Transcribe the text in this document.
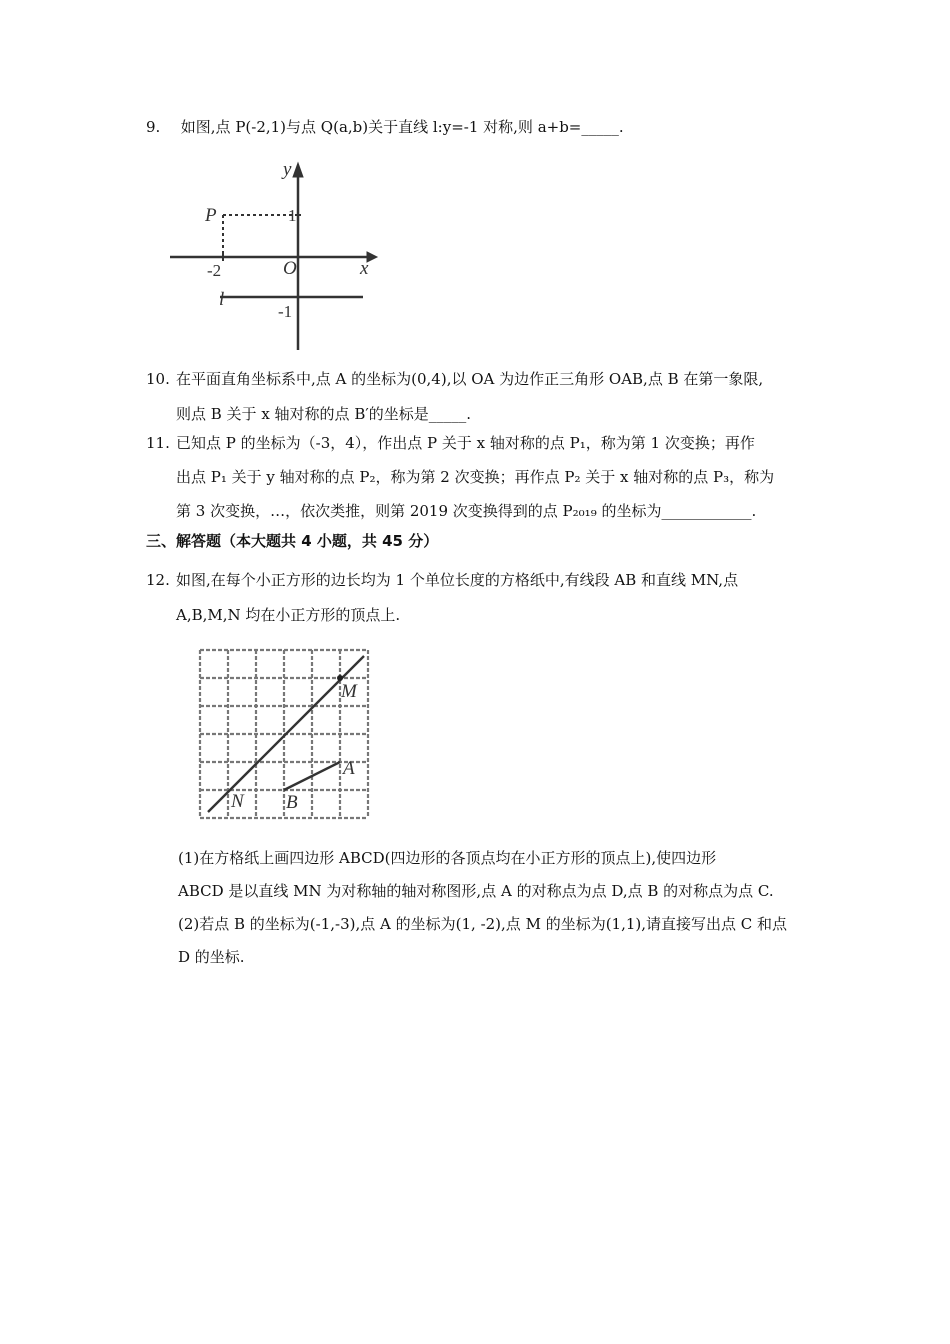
9. 如图,点 P(-2,1)与点 Q(a,b)关于直线 l:y=-1 对称,则 a+b=_____.
y
x
P
O
l
1
-2
-1
10. 在平面直角坐标系中,点 A 的坐标为(0,4),以 OA 为边作正三角形 OAB,点 B 在第一象限,
则点 B 关于 x 轴对称的点 B′的坐标是_____.
11. 已知点 P 的坐标为（-3，4），作出点 P 关于 x 轴对称的点 P₁，称为第 1 次变换；再作
出点 P₁ 关于 y 轴对称的点 P₂，称为第 2 次变换；再作点 P₂ 关于 x 轴对称的点 P₃，称为
第 3 次变换，…，依次类推，则第 2019 次变换得到的点 P₂₀₁₉ 的坐标为____________.
三、解答题（本大题共 4 小题，共 45 分）
12. 如图,在每个小正方形的边长均为 1 个单位长度的方格纸中,有线段 AB 和直线 MN,点
A,B,M,N 均在小正方形的顶点上.
M
A
N B
(1)在方格纸上画四边形 ABCD(四边形的各顶点均在小正方形的顶点上),使四边形
ABCD 是以直线 MN 为对称轴的轴对称图形,点 A 的对称点为点 D,点 B 的对称点为点 C.
(2)若点 B 的坐标为(-1,-3),点 A 的坐标为(1, -2),点 M 的坐标为(1,1),请直接写出点 C 和点
D 的坐标.
